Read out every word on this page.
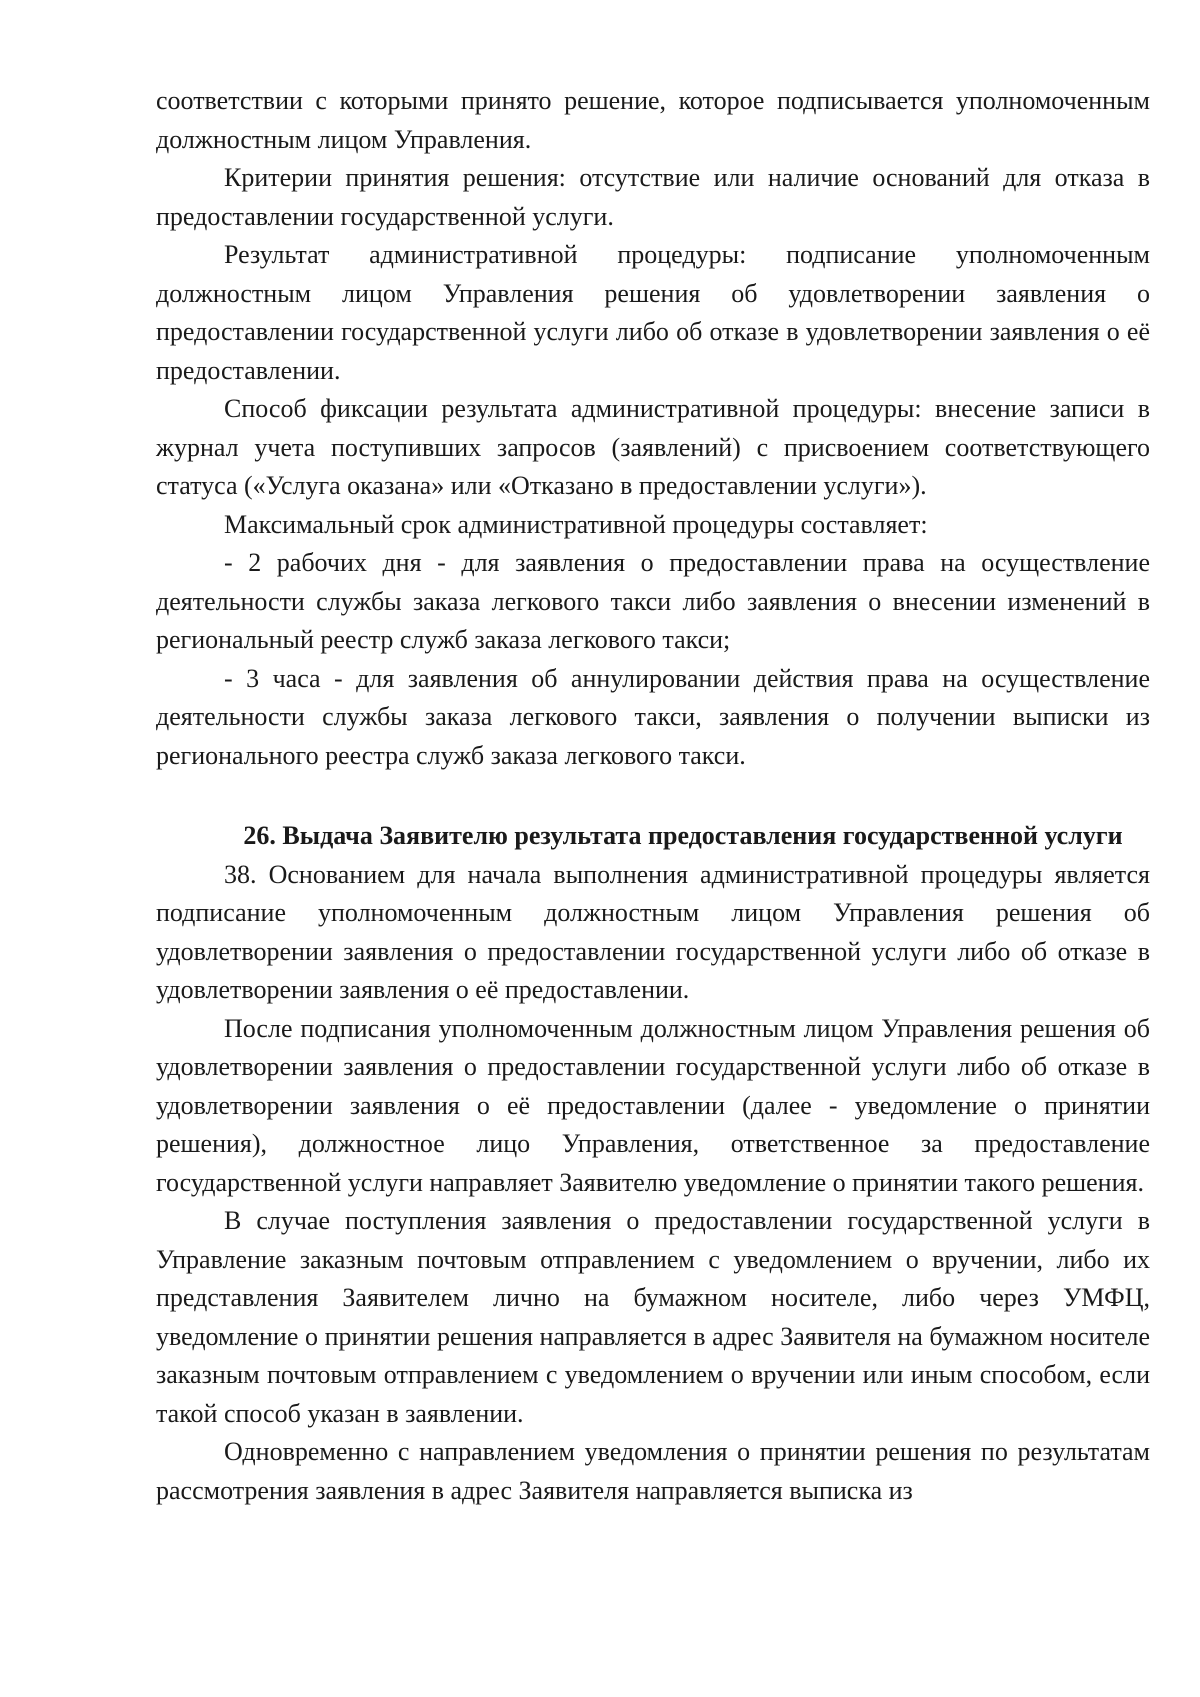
соответствии с которыми принято решение, которое подписывается уполномоченным должностным лицом Управления.

Критерии принятия решения: отсутствие или наличие оснований для отказа в предоставлении государственной услуги.

Результат административной процедуры: подписание уполномоченным должностным лицом Управления решения об удовлетворении заявления о предоставлении государственной услуги либо об отказе в удовлетворении заявления о её предоставлении.

Способ фиксации результата административной процедуры: внесение записи в журнал учета поступивших запросов (заявлений) с присвоением соответствующего статуса («Услуга оказана» или «Отказано в предоставлении услуги»).

Максимальный срок административной процедуры составляет:

- 2 рабочих дня - для заявления о предоставлении права на осуществление деятельности службы заказа легкового такси либо заявления о внесении изменений в региональный реестр служб заказа легкового такси;

- 3 часа - для заявления об аннулировании действия права на осуществление деятельности службы заказа легкового такси, заявления о получении выписки из регионального реестра служб заказа легкового такси.

26. Выдача Заявителю результата предоставления государственной услуги

38. Основанием для начала выполнения административной процедуры является подписание уполномоченным должностным лицом Управления решения об удовлетворении заявления о предоставлении государственной услуги либо об отказе в удовлетворении заявления о её предоставлении.

После подписания уполномоченным должностным лицом Управления решения об удовлетворении заявления о предоставлении государственной услуги либо об отказе в удовлетворении заявления о её предоставлении (далее - уведомление о принятии решения), должностное лицо Управления, ответственное за предоставление государственной услуги направляет Заявителю уведомление о принятии такого решения.

В случае поступления заявления о предоставлении государственной услуги в Управление заказным почтовым отправлением с уведомлением о вручении, либо их представления Заявителем лично на бумажном носителе, либо через УМФЦ, уведомление о принятии решения направляется в адрес Заявителя на бумажном носителе заказным почтовым отправлением с уведомлением о вручении или иным способом, если такой способ указан в заявлении.

Одновременно с направлением уведомления о принятии решения по результатам рассмотрения заявления в адрес Заявителя направляется выписка из
